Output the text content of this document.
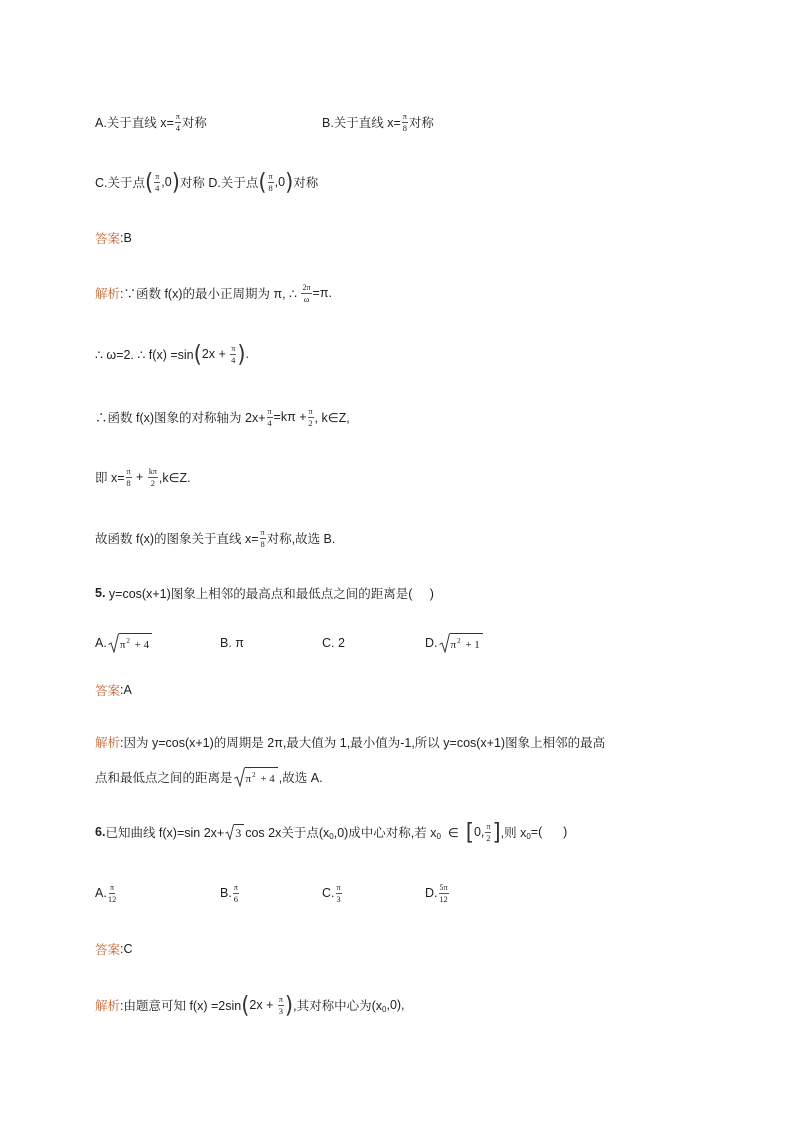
A.关于直线 $x= \frac{\pi}{4}$ 对称	B.关于直线 $x= \frac{\pi}{8}$ 对称
C.关于点 ( $\frac{\pi}{4} ,0$ ) 对称 D.关于点 ( $\frac{\pi}{8} ,0$ ) 对称
答案 :B
解析 :∵函数 f(x)的最小正周期为 π, ∴ $\frac{2\pi}{\omega} =\pi$.
∴ ω=2. ∴ f(x) =sin ( $2x + \frac{\pi}{4}$ ) .
∴函数 f(x)图象的对称轴为 $2x+ \frac{\pi}{4} =k\pi + \frac{\pi}{2}$ , k∈Z,
即 $x= \frac{\pi}{8} + \frac{k\pi}{2}$ ,k∈Z.
故函数 f(x)的图象关于直线 $x= \frac{\pi}{8}$ 对称,故选 B.
5. y=cos(x+1)图象上相邻的最高点和最低点之间的距离是(     )
A. π 2 + 4	B. π	C. 2	D. π 2 + 1
答案 :A
解析 :因为 y=cos(x+1)的周期是 2π,最大值为 1,最小值为-1,所以 y=cos(x+1)图象上相邻的最高
点和最低点之间的距离是 π 2 + 4 ,故选 A.
6. 已知曲线 f(x)=sin 2x+ 3 cos 2x关于点(x 0 ,0)成中心对称,若 x 0 ∈ [ 0, $\frac{\pi}{2}$ ] ,则 x 0 =(      )
A. $\frac{\pi}{12}$	B. $\frac{\pi}{6}$	C. $\frac{\pi}{3}$	D. $\frac{5\pi}{12}$
答案 :C
解析 :由题意可知 f(x) =2sin ( $2x + \frac{\pi}{3}$ ) ,其对称中心为(x 0 ,0),
